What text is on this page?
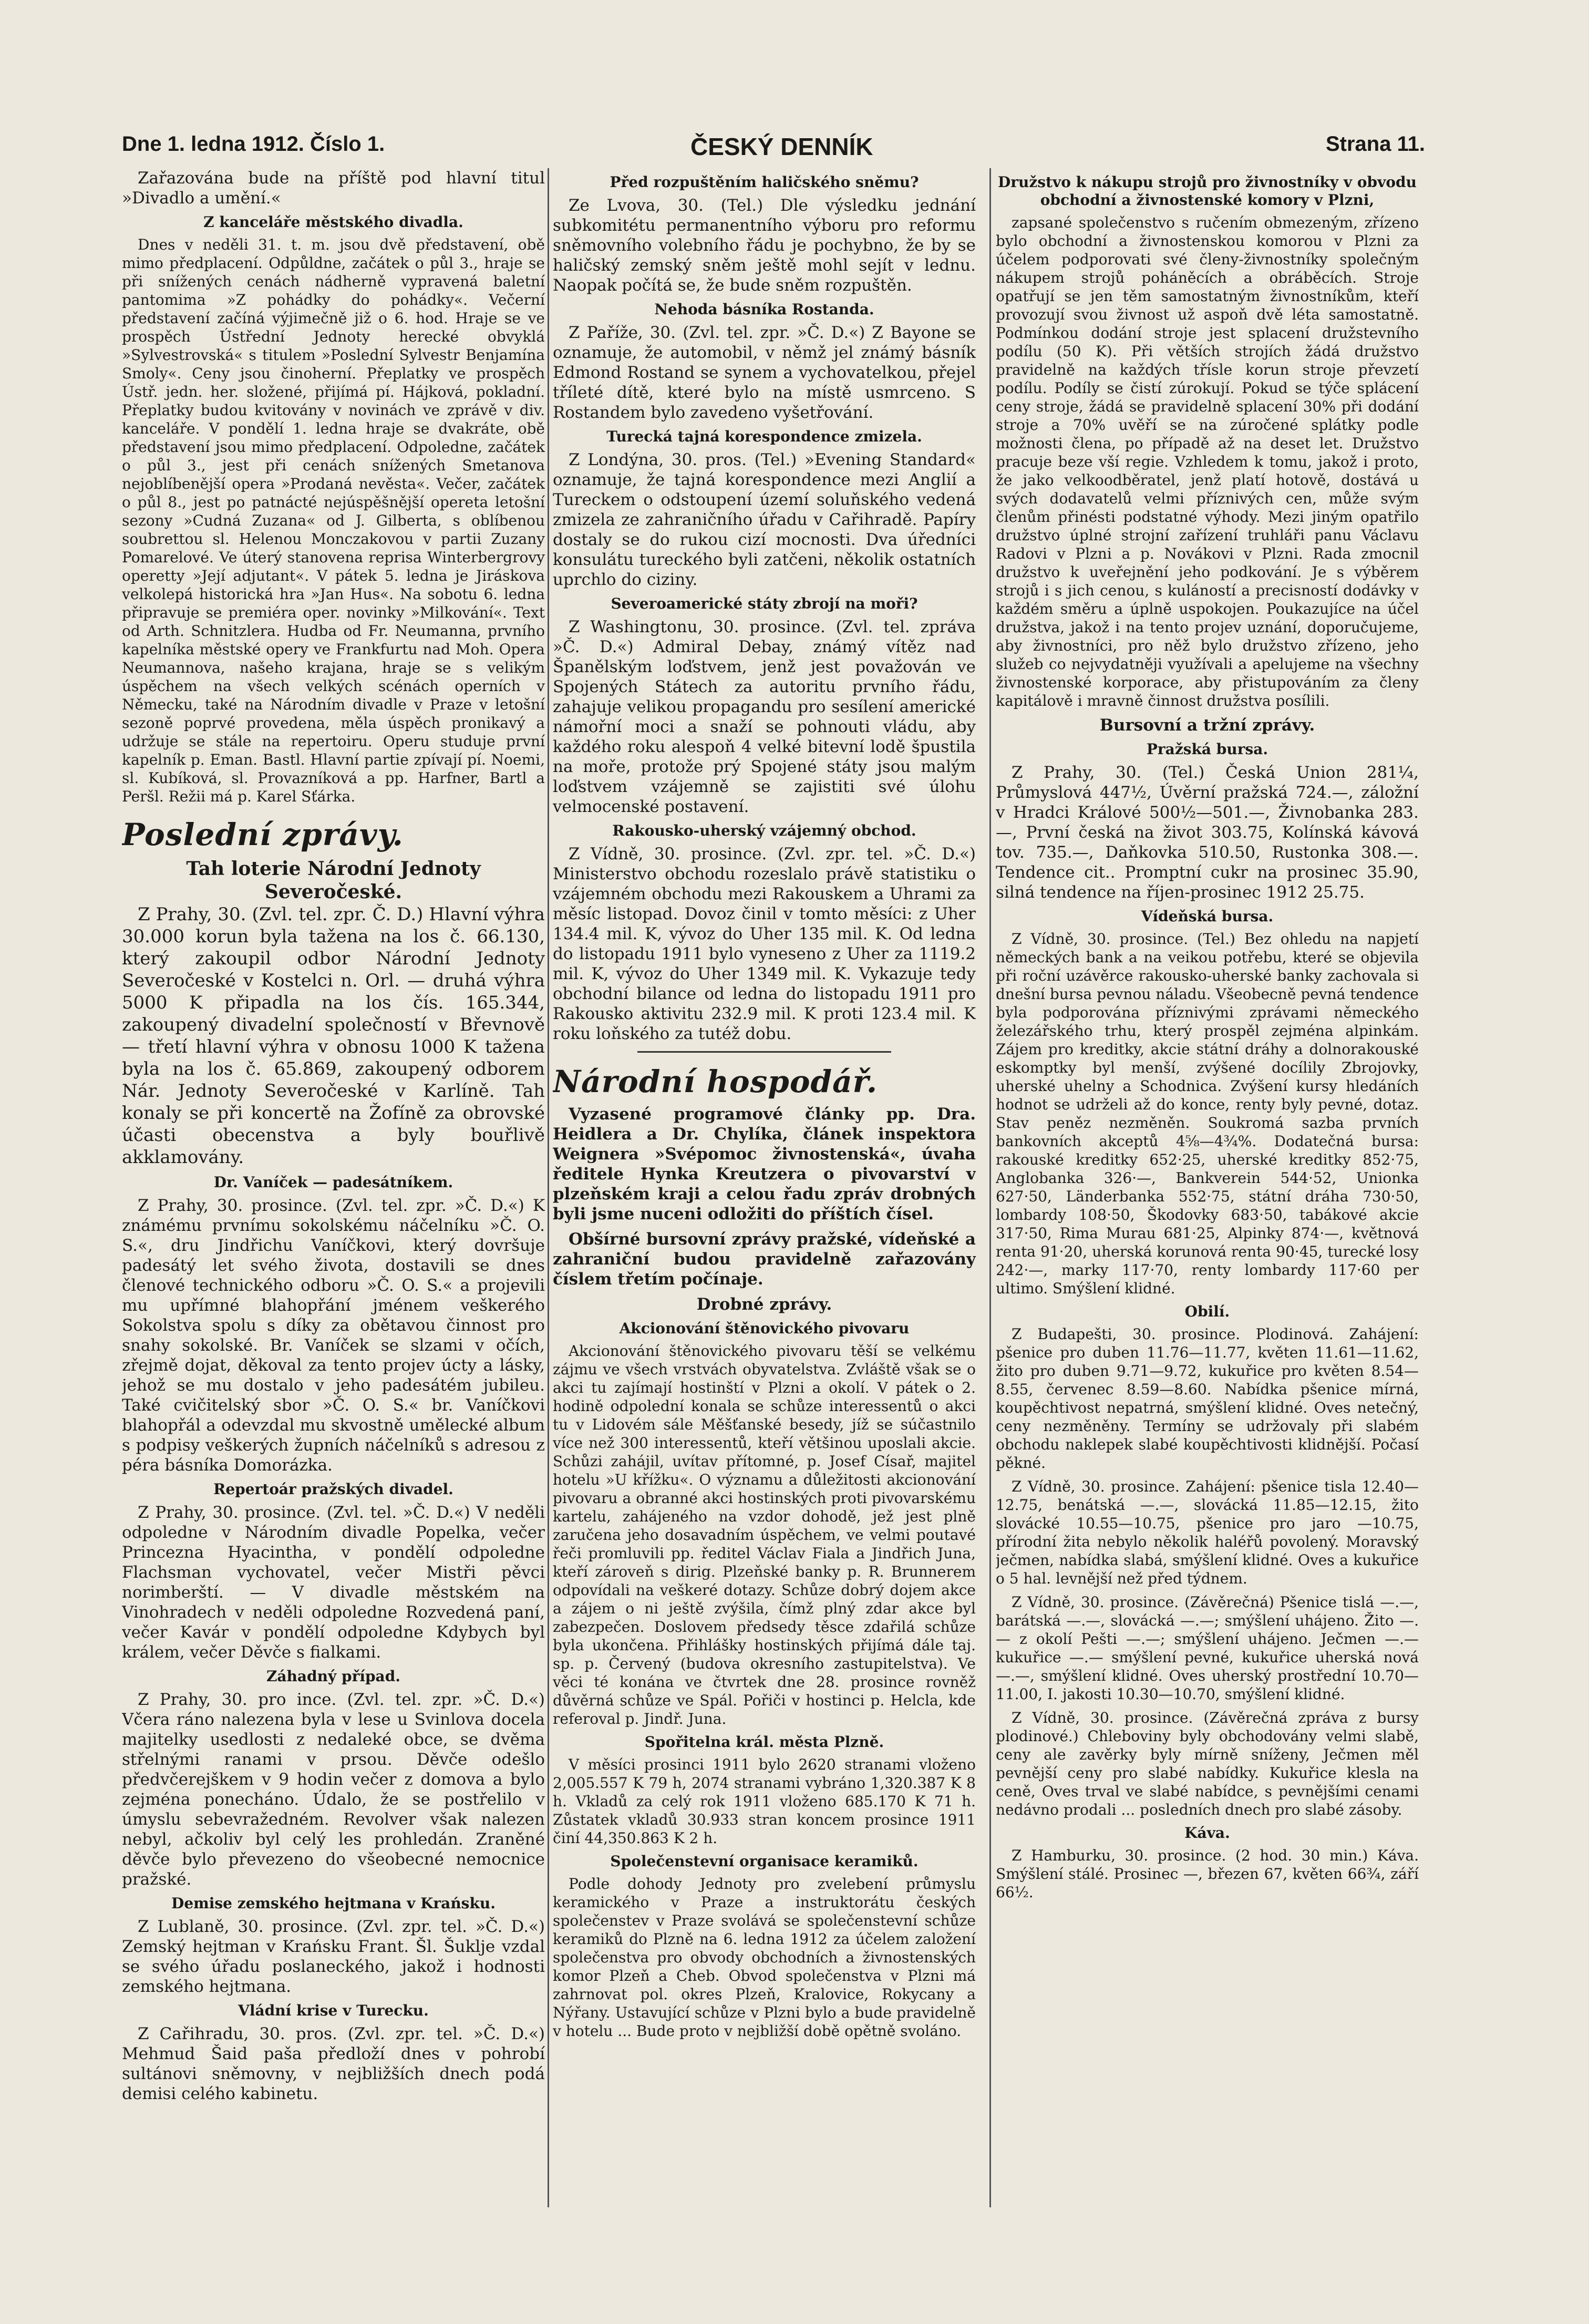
Dne 1. ledna 1912. Číslo 1.	ČESKÝ DENNÍK	Strana 11.

Zařazována bude na příště pod hlavní titul »Divadlo a umění.«

Z kanceláře městského divadla.

Dnes v neděli 31. t. m. jsou dvě představení, obě mimo předplacení. Odpůldne, začátek o půl 3., hraje se při snížených cenách nádherně vypravená baletní pantomima »Z pohádky do pohádky«. Večerní představení začíná výjimečně již o 6. hod. Hraje se ve prospěch Ústřední Jednoty herecké obvyklá »Sylvestrovská« s titulem »Poslední Sylvestr Benjamína Smoly«. Ceny jsou činoherní. Přeplatky ve prospěch Ústř. jedn. her. složené, přijímá pí. Hájková, pokladní. Přeplatky budou kvitovány v novinách ve zprávě v div. kanceláře. V pondělí 1. ledna hraje se dvakráte, obě představení jsou mimo předplacení. Odpoledne, začátek o půl 3., jest při cenách snížených Smetanova nejoblíbenější opera »Prodaná nevěsta«. Večer, začátek o půl 8., jest po patnácté nejúspěšnější opereta letošní sezony »Cudná Zuzana« od J. Gilberta, s oblíbenou soubrettou sl. Helenou Monczakovou v partii Zuzany Pomarelové. Ve úterý stanovena reprisa Winterbergrovy operetty »Její adjutant«. V pátek 5. ledna je Jiráskova velkolepá historická hra »Jan Hus«. Na sobotu 6. ledna připravuje se premiéra oper. novinky »Milkování«. Text od Arth. Schnitzlera. Hudba od Fr. Neumanna, prvního kapelníka městské opery ve Frankfurtu nad Moh. Opera Neumannova, našeho krajana, hraje se s velikým úspěchem na všech velkých scénách operních v Německu, také na Národním divadle v Praze v letošní sezoně poprvé provedena, měla úspěch pronikavý a udržuje se stále na repertoiru. Operu studuje první kapelník p. Eman. Bastl. Hlavní partie zpívají pí. Noemi, sl. Kubíková, sl. Provazníková a pp. Harfner, Bartl a Peršl. Režii má p. Karel Sťárka.

Poslední zprávy.
Tah loterie Národní Jednoty Severočeské.

Z Prahy, 30. (Zvl. tel. zpr. Č. D.) Hlavní výhra 30.000 korun byla tažena na los č. 66.130, který zakoupil odbor Národní Jednoty Severočeské v Kostelci n. Orl. — druhá výhra 5000 K připadla na los čís. 165.344, zakoupený divadelní společností v Břevnově — třetí hlavní výhra v obnosu 1000 K tažena byla na los č. 65.869, zakoupený odborem Nár. Jednoty Severočeské v Karlíně. Tah konaly se při koncertě na Žofíně za obrovské účasti obecenstva a byly bouřlivě akklamovány.

Dr. Vaníček — padesátníkem.

Z Prahy, 30. prosince. (Zvl. tel. zpr. »Č. D.«) K známému prvnímu sokolskému náčelníku »Č. O. S.«, dru Jindřichu Vaníčkovi, který dovršuje padesátý let svého života, dostavili se dnes členové technického odboru »Č. O. S.« a projevili mu upřímné blahopřání jménem veškerého Sokolstva spolu s díky za obětavou činnost pro snahy sokolské. Br. Vaníček se slzami v očích, zřejmě dojat, děkoval za tento projev úcty a lásky, jehož se mu dostalo v jeho padesátém jubileu. Také cvičitelský sbor »Č. O. S.« br. Vaníčkovi blahopřál a odevzdal mu skvostně umělecké album s podpisy veškerých župních náčelníků s adresou z péra básníka Domorázka.

Repertoár pražských divadel.

Z Prahy, 30. prosince. (Zvl. tel. »Č. D.«) V neděli odpoledne v Národním divadle Popelka, večer Princezna Hyacintha, v pondělí odpoledne Flachsman vychovatel, večer Mistři pěvci norimberští. — V divadle městském na Vinohradech v neděli odpoledne Rozvedená paní, večer Kavár v pondělí odpoledne Kdybych byl králem, večer Děvče s fialkami.

Záhadný případ.

Z Prahy, 30. pro ince. (Zvl. tel. zpr. »Č. D.«) Včera ráno nalezena byla v lese u Svinlova docela majitelky usedlosti z nedaleké obce, se dvěma střelnými ranami v prsou. Děvče odešlo předvčerejškem v 9 hodin večer z domova a bylo zejména ponecháno. Údalo, že se postřelilo v úmyslu sebevražedném. Revolver však nalezen nebyl, ačkoliv byl celý les prohledán. Zraněné děvče bylo převezeno do všeobecné nemocnice pražské.

Demise zemského hejtmana v Krańsku.

Z Lublaně, 30. prosince. (Zvl. zpr. tel. »Č. D.«) Zemský hejtman v Krańsku Frant. Šl. Šuklje vzdal se svého úřadu poslaneckého, jakož i hodnosti zemského hejtmana.

Vládní krise v Turecku.

Z Cařihradu, 30. pros. (Zvl. zpr. tel. »Č. D.«) Mehmud Šaid paša předloží dnes v pohrobí sultánovi sněmovny, v nejbližších dnech podá demisi celého kabinetu.

Před rozpuštěním haličského sněmu?

Ze Lvova, 30. (Tel.) Dle výsledku jednání subkomitétu permanentního výboru pro reformu sněmovního volebního řádu je pochybno, že by se haličský zemský sněm ještě mohl sejít v lednu. Naopak počítá se, že bude sněm rozpuštěn.

Nehoda básníka Rostanda.

Z Paříže, 30. (Zvl. tel. zpr. »Č. D.«) Z Bayone se oznamuje, že automobil, v němž jel známý básník Edmond Rostand se synem a vychovatelkou, přejel tříleté dítě, které bylo na místě usmrceno. S Rostandem bylo zavedeno vyšetřování.

Turecká tajná korespondence zmizela.

Z Londýna, 30. pros. (Tel.) »Evening Standard« oznamuje, že tajná korespondence mezi Anglií a Tureckem o odstoupení území soluňského vedená zmizela ze zahraničního úřadu v Cařihradě. Papíry dostaly se do rukou cizí mocnosti. Dva úředníci konsulátu tureckého byli zatčeni, několik ostatních uprchlo do ciziny.

Severoamerické státy zbrojí na moři?

Z Washingtonu, 30. prosince. (Zvl. tel. zpráva »Č. D.«) Admiral Debay, známý vítěz nad Španělským loďstvem, jenž jest považován ve Spojených Státech za autoritu prvního řádu, zahajuje velikou propagandu pro sesílení americké námořní moci a snaží se pohnouti vládu, aby každého roku alespoň 4 velké bitevní lodě špustila na moře, protože prý Spojené státy jsou malým loďstvem vzájemně se zajistiti své úlohu velmocenské postavení.

Rakousko-uherský vzájemný obchod.

Z Vídně, 30. prosince. (Zvl. zpr. tel. »Č. D.«) Ministerstvo obchodu rozeslalo právě statistiku o vzájemném obchodu mezi Rakouskem a Uhrami za měsíc listopad. Dovoz činil v tomto měsíci: z Uher 134.4 mil. K, vývoz do Uher 135 mil. K. Od ledna do listopadu 1911 bylo vyneseno z Uher za 1119.2 mil. K, vývoz do Uher 1349 mil. K. Vykazuje tedy obchodní bilance od ledna do listopadu 1911 pro Rakousko aktivitu 232.9 mil. K proti 123.4 mil. K roku loňského za tutéž dobu.

Národní hospodář.

Vyzasené programové články pp. Dra. Heidlera a Dr. Chylíka, článek inspektora Weignera »Svépomoc živnostenská«, úvaha ředitele Hynka Kreutzera o pivovarství v plzeňském kraji a celou řadu zpráv drobných byli jsme nuceni odložiti do příštích čísel.

Obšírné bursovní zprávy pražské, vídeňské a zahraniční budou pravidelně zařazovány číslem třetím počínaje.

Drobné zprávy.
Akcionování štěnovického pivovaru

Akcionování štěnovického pivovaru těší se velkému zájmu ve všech vrstvách obyvatelstva. Zvláště však se o akci tu zajímají hostinští v Plzni a okolí. V pátek o 2. hodině odpolední konala se schůze interessentů o akci tu v Lidovém sále Měšťanské besedy, jíž se súčastnilo více než 300 interessentů, kteří většinou uposlali akcie. Schůzi zahájil, uvítav přítomné, p. Josef Císař, majitel hotelu »U křížku«. O významu a důležitosti akcionování pivovaru a obranné akci hostinských proti pivovarskému kartelu, zahájeného na vzdor dohodě, jež jest plně zaručena jeho dosavadním úspěchem, ve velmi poutavé řeči promluvili pp. ředitel Václav Fiala a Jindřich Juna, kteří zároveň s dirig. Plzeňské banky p. R. Brunnerem odpovídali na veškeré dotazy. Schůze dobrý dojem akce a zájem o ni ještě zvýšila, čímž plný zdar akce byl zabezpečen. Doslovem předsedy těsce zdařilá schůze byla ukončena. Přihlášky hostinských přijímá dále taj. sp. p. Červený (budova okresního zastupitelstva). Ve věci té konána ve čtvrtek dne 28. prosince rovněž důvěrná schůze ve Spál. Pořiči v hostinci p. Helcla, kde referoval p. Jindř. Juna.

Spořitelna král. města Plzně.

V měsíci prosinci 1911 bylo 2620 stranami vloženo 2,005.557 K 79 h, 2074 stranami vybráno 1,320.387 K 8 h. Vkladů za celý rok 1911 vloženo 685.170 K 71 h. Zůstatek vkladů 30.933 stran koncem prosince 1911 činí 44,350.863 K 2 h.

Společenstevní organisace keramiků.

Podle dohody Jednoty pro zvelebení průmyslu keramického v Praze a instruktorátu českých společenstev v Praze svolává se společenstevní schůze keramiků do Plzně na 6. ledna 1912 za účelem založení společenstva pro obvody obchodních a živnostenských komor Plzeň a Cheb. Obvod společenstva v Plzni má zahrnovat pol. okres Plzeň, Kralovice, Rokycany a Nýřany. Ustavující schůze v Plzni bylo a bude pravidelně v hotelu ... Bude proto v nejbližší době opětně svoláno.

Družstvo k nákupu strojů pro živnostníky v obvodu obchodní a živnostenské komory v Plzni,

zapsané společenstvo s ručením obmezeným, zřízeno bylo obchodní a živnostenskou komorou v Plzni za účelem podporovati své členy-živnostníky společným nákupem strojů poháněcích a obráběcích. Stroje opatřují se jen těm samostatným živnostníkům, kteří provozují svou živnost už aspoň dvě léta samostatně. Podmínkou dodání stroje jest splacení družstevního podílu (50 K). Při větších strojích žádá družstvo pravidelně na každých třísle korun stroje převzetí podílu. Podíly se čistí zúrokují. Pokud se týče splácení ceny stroje, žádá se pravidelně splacení 30% při dodání stroje a 70% uvěří se na zúročené splátky podle možnosti člena, po případě až na deset let. Družstvo pracuje beze vší regie. Vzhledem k tomu, jakož i proto, že jako velkoodběratel, jenž platí hotově, dostává u svých dodavatelů velmi příznivých cen, může svým členům přinésti podstatné výhody. Mezi jiným opatřilo družstvo úplné strojní zařízení truhláři panu Václavu Radovi v Plzni a p. Novákovi v Plzni. Rada zmocnil družstvo k uveřejnění jeho podkování. Je s výběrem strojů i s jich cenou, s kuláností a precisností dodávky v každém směru a úplně uspokojen. Poukazujíce na účel družstva, jakož i na tento projev uznání, doporučujeme, aby živnostníci, pro něž bylo družstvo zřízeno, jeho služeb co nejvydatněji využívali a apelujeme na všechny živnostenské korporace, aby přistupováním za členy kapitálově i mravně činnost družstva posílili.

Bursovní a tržní zprávy.
Pražská bursa.

Z Prahy, 30. (Tel.) Česká Union 281¼, Průmyslová 447½, Úvěrní pražská 724.—, záložní v Hradci Králové 500½—501.—, Živnobanka 283.—, První česká na život 303.75, Kolínská kávová tov. 735.—, Daňkovka 510.50, Rustonka 308.—. Tendence cit.. Promptní cukr na prosinec 35.90, silná tendence na říjen-prosinec 1912 25.75.

Vídeňská bursa.

Z Vídně, 30. prosince. (Tel.) Bez ohledu na napjetí německých bank a na veikou potřebu, které se objevila při roční uzávěrce rakousko-uherské banky zachovala si dnešní bursa pevnou náladu. Všeobecně pevná tendence byla podporována příznivými zprávami německého železářského trhu, který prospěl zejména alpinkám. Zájem pro kreditky, akcie státní dráhy a dolnorakouské eskomptky byl menší, zvýšené docílily Zbrojovky, uherské uhelny a Schodnica. Zvýšení kursy hledáních hodnot se udrželi až do konce, renty byly pevné, dotaz. Stav peněz nezměněn. Soukromá sazba prvních bankovních akceptů 4⅝—4¾%. Dodatečná bursa: rakouské kreditky 652·25, uherské kreditky 852·75, Anglobanka 326·—, Bankverein 544·52, Unionka 627·50, Länderbanka 552·75, státní dráha 730·50, lombardy 108·50, Škodovky 683·50, tabákové akcie 317·50, Rima Murau 681·25, Alpinky 874·—, květnová renta 91·20, uherská korunová renta 90·45, turecké losy 242·—, marky 117·70, renty lombardy 117·60 per ultimo. Smýšlení klidné.

Obilí.

Z Budapešti, 30. prosince. Plodinová. Zahájení: pšenice pro duben 11.76—11.77, květen 11.61—11.62, žito pro duben 9.71—9.72, kukuřice pro květen 8.54—8.55, červenec 8.59—8.60. Nabídka pšenice mírná, koupěchtivost nepatrná, smýšlení klidné. Oves netečný, ceny nezměněny. Termíny se udržovaly při slabém obchodu naklepek slabé koupěchtivosti klidnější. Počasí pěkné.

Z Vídně, 30. prosince. Zahájení: pšenice tisla 12.40—12.75, benátská —.—, slovácká 11.85—12.15, žito slovácké 10.55—10.75, pšenice pro jaro —10.75, přírodní žita nebylo několik haléřů povolený. Moravský ječmen, nabídka slabá, smýšlení klidné. Oves a kukuřice o 5 hal. levnější než před týdnem.

Z Vídně, 30. prosince. (Závěrečná) Pšenice tislá —.—, barátská —.—, slovácká —.—; smýšlení uhájeno. Žito —.— z okolí Pešti —.—; smýšlení uhájeno. Ječmen —.— kukuřice —.— smýšlení pevné, kukuřice uherská nová —.—, smýšlení klidné. Oves uherský prostřední 10.70—11.00, I. jakosti 10.30—10.70, smýšlení klidné.

Z Vídně, 30. prosince. (Závěrečná zpráva z bursy plodinové.) Chleboviny byly obchodovány velmi slabě, ceny ale zavěrky byly mírně sníženy, Ječmen měl pevnější ceny pro slabé nabídky. Kukuřice klesla na ceně, Oves trval ve slabé nabídce, s pevnějšími cenami nedávno prodali ... posledních dnech pro slabé zásoby.

Káva.

Z Hamburku, 30. prosince. (2 hod. 30 min.) Káva. Smýšlení stálé. Prosinec —, březen 67, květen 66¾, září 66½.
